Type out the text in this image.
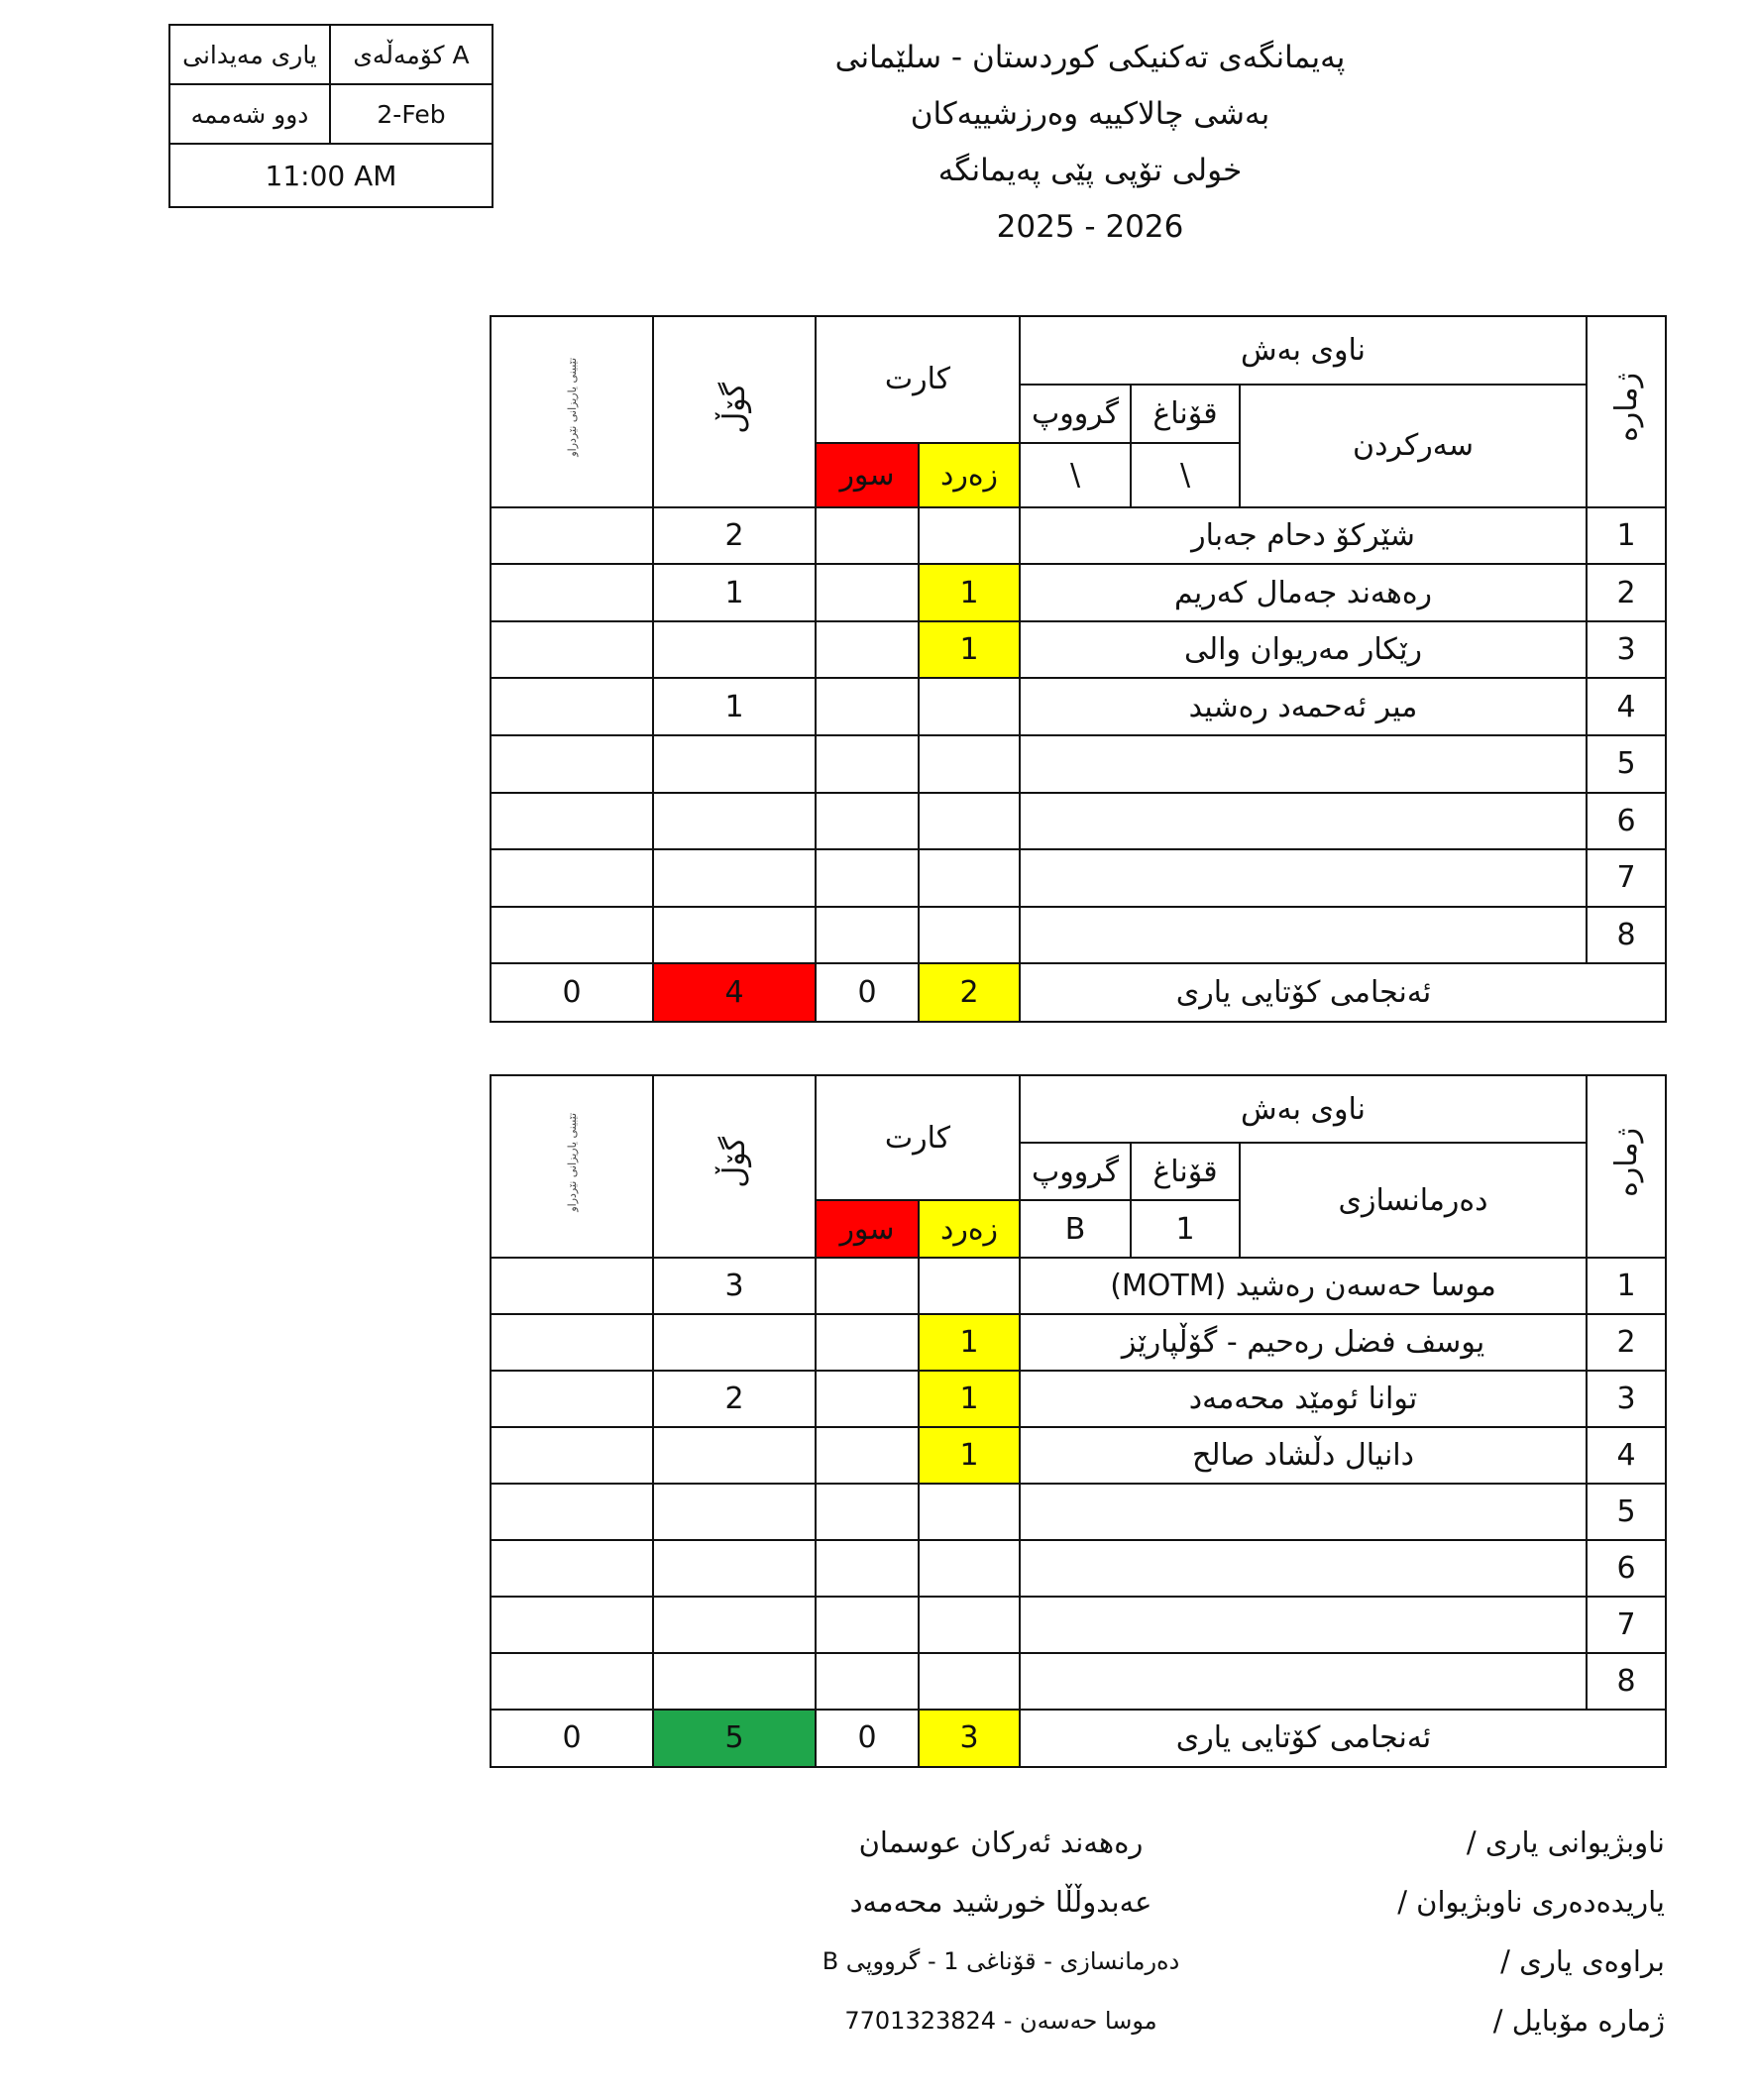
یاری مەیدانی	کۆمەڵەی A
دوو شەممە	2-Feb
11:00 AM	
پەیمانگەی تەکنیکی کوردستان - سلێمانی
بەشی چالاکییە وەرزشییەکان
خولی تۆپی پێی پەیمانگە
2025 - 2026
تێبینی یاریزانی نێردراو	گۆڵ	کارت		ناوی بەش			ژمارە
				گرووپ	قۆناغ	سەرکردن	
		سور	زەرد	\	\		
	2			شێرکۆ دحام جەبار			1
	1		1	رەهەند جەمال کەریم			2
			1	رێکار مەریوان والی			3
	1			میر ئەحمەد رەشید			4
							5
							6
							7
							8
0	4	0	2	ئەنجامی کۆتایی یاری			
تێبینی یاریزانی نێردراو	گۆڵ	کارت		ناوی بەش			ژمارە
				گرووپ	قۆناغ	دەرمانسازی	
		سور	زەرد	B	1		
	3			موسا حەسەن رەشید (MOTM)			1
			1	یوسف فضل رەحیم - گۆڵپارێز			2
	2		1	توانا ئومێد محەمەد			3
			1	دانیال دڵشاد صالح			4
							5
							6
							7
							8
0	5	0	3	ئەنجامی کۆتایی یاری			
ناوبژیوانی یاری /
رەهەند ئەرکان عوسمان
یاریدەدەری ناوبژیوان /
عەبدوڵڵا خورشید محەمەد
براوەی یاری /
دەرمانسازی - قۆناغی 1 - گرووپی B
ژمارە مۆبایل /
موسا حەسەن - 7701323824
